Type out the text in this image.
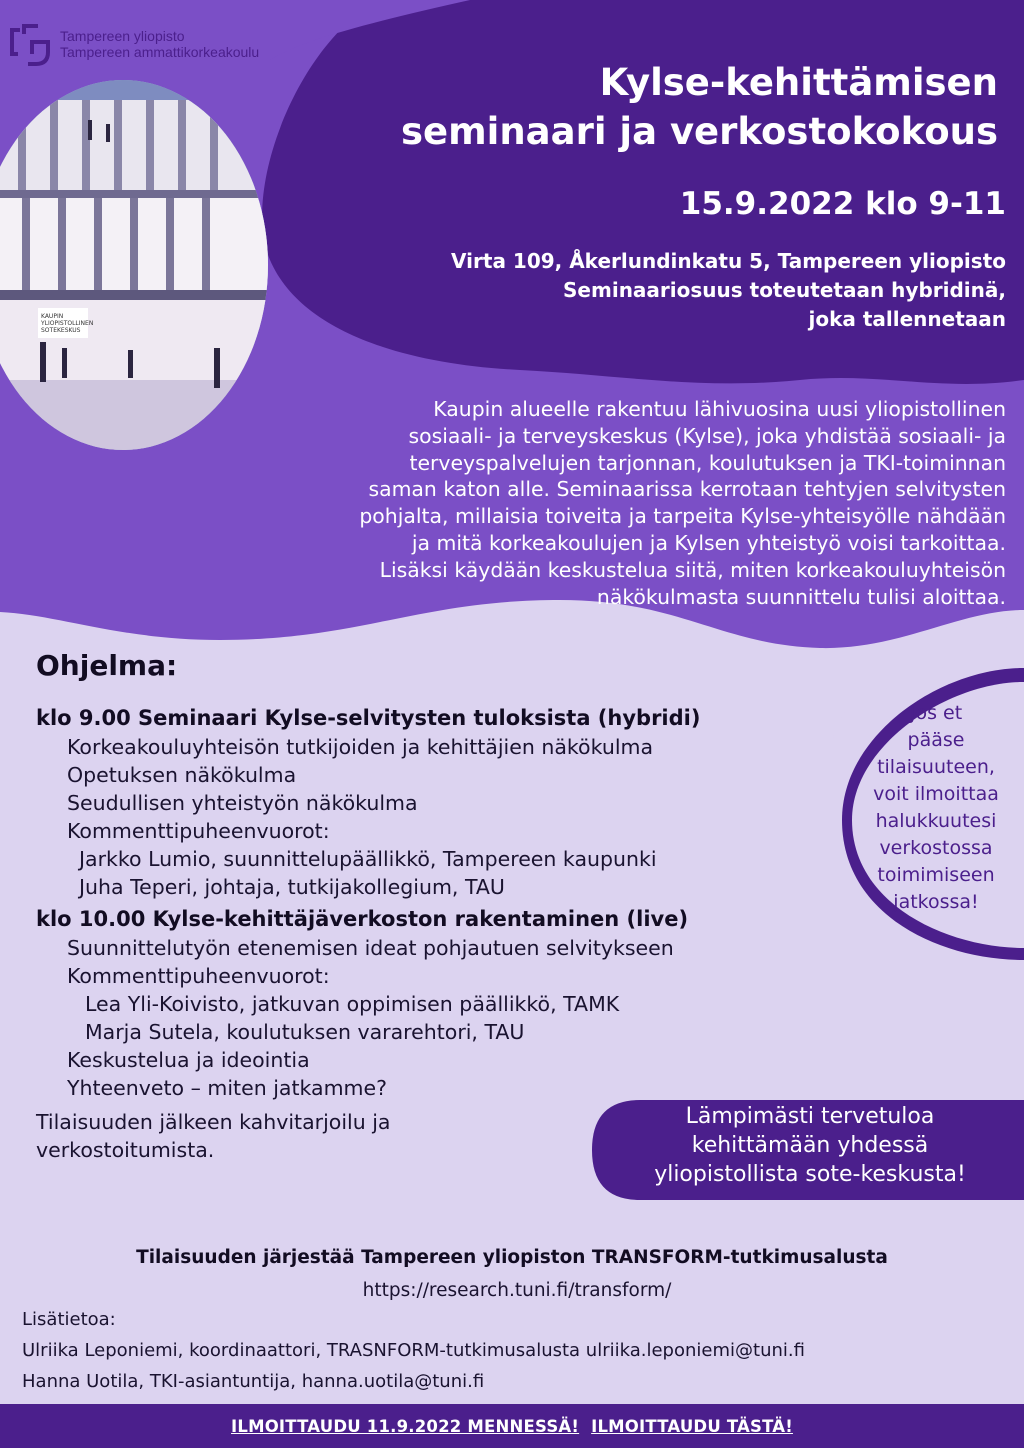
Tampereen yliopisto
Tampereen ammattikorkeakoulu
KAUPIN
YLIOPISTOLLINEN
SOTEKESKUS
Kylse-kehittämisen
seminaari ja verkostokokous
15.9.2022 klo 9-11
Virta 109, Åkerlundinkatu 5, Tampereen yliopisto
Seminaariosuus toteutetaan hybridinä,
joka tallennetaan
Kaupin alueelle rakentuu lähivuosina uusi yliopistollinen
sosiaali- ja terveyskeskus (Kylse), joka yhdistää sosiaali- ja
terveyspalvelujen tarjonnan, koulutuksen ja TKI-toiminnan
saman katon alle. Seminaarissa kerrotaan tehtyjen selvitysten
pohjalta, millaisia toiveita ja tarpeita Kylse-yhteisyölle nähdään
ja mitä korkeakoulujen ja Kylsen yhteistyö voisi tarkoittaa.
Lisäksi käydään keskustelua siitä, miten korkeakouluyhteisön
näkökulmasta suunnittelu tulisi aloittaa.
Ohjelma:
klo 9.00 Seminaari Kylse-selvitysten tuloksista (hybridi)
Korkeakouluyhteisön tutkijoiden ja kehittäjien näkökulma
Opetuksen näkökulma
Seudullisen yhteistyön näkökulma
Kommenttipuheenvuorot:
Jarkko Lumio, suunnittelupäällikkö, Tampereen kaupunki
Juha Teperi, johtaja, tutkijakollegium, TAU
klo 10.00 Kylse-kehittäjäverkoston rakentaminen (live)
Suunnittelutyön etenemisen ideat pohjautuen selvitykseen
Kommenttipuheenvuorot:
Lea Yli-Koivisto, jatkuvan oppimisen päällikkö, TAMK
Marja Sutela, koulutuksen vararehtori, TAU
Keskustelua ja ideointia
Yhteenveto – miten jatkamme?
Tilaisuuden jälkeen kahvitarjoilu ja
verkostoitumista.
Jos et
pääse
tilaisuuteen,
voit ilmoittaa
halukkuutesi
verkostossa
toimimiseen
jatkossa!
Lämpimästi tervetuloa
kehittämään yhdessä
yliopistollista sote-keskusta!
Tilaisuuden järjestää Tampereen yliopiston TRANSFORM-tutkimusalusta
https://research.tuni.fi/transform/
Lisätietoa:
Ulriika Leponiemi, koordinaattori, TRASNFORM-tutkimusalusta ulriika.leponiemi@tuni.fi
Hanna Uotila, TKI-asiantuntija, hanna.uotila@tuni.fi
ILMOITTAUDU 11.9.2022 MENNESSÄ! ILMOITTAUDU TÄSTÄ!
